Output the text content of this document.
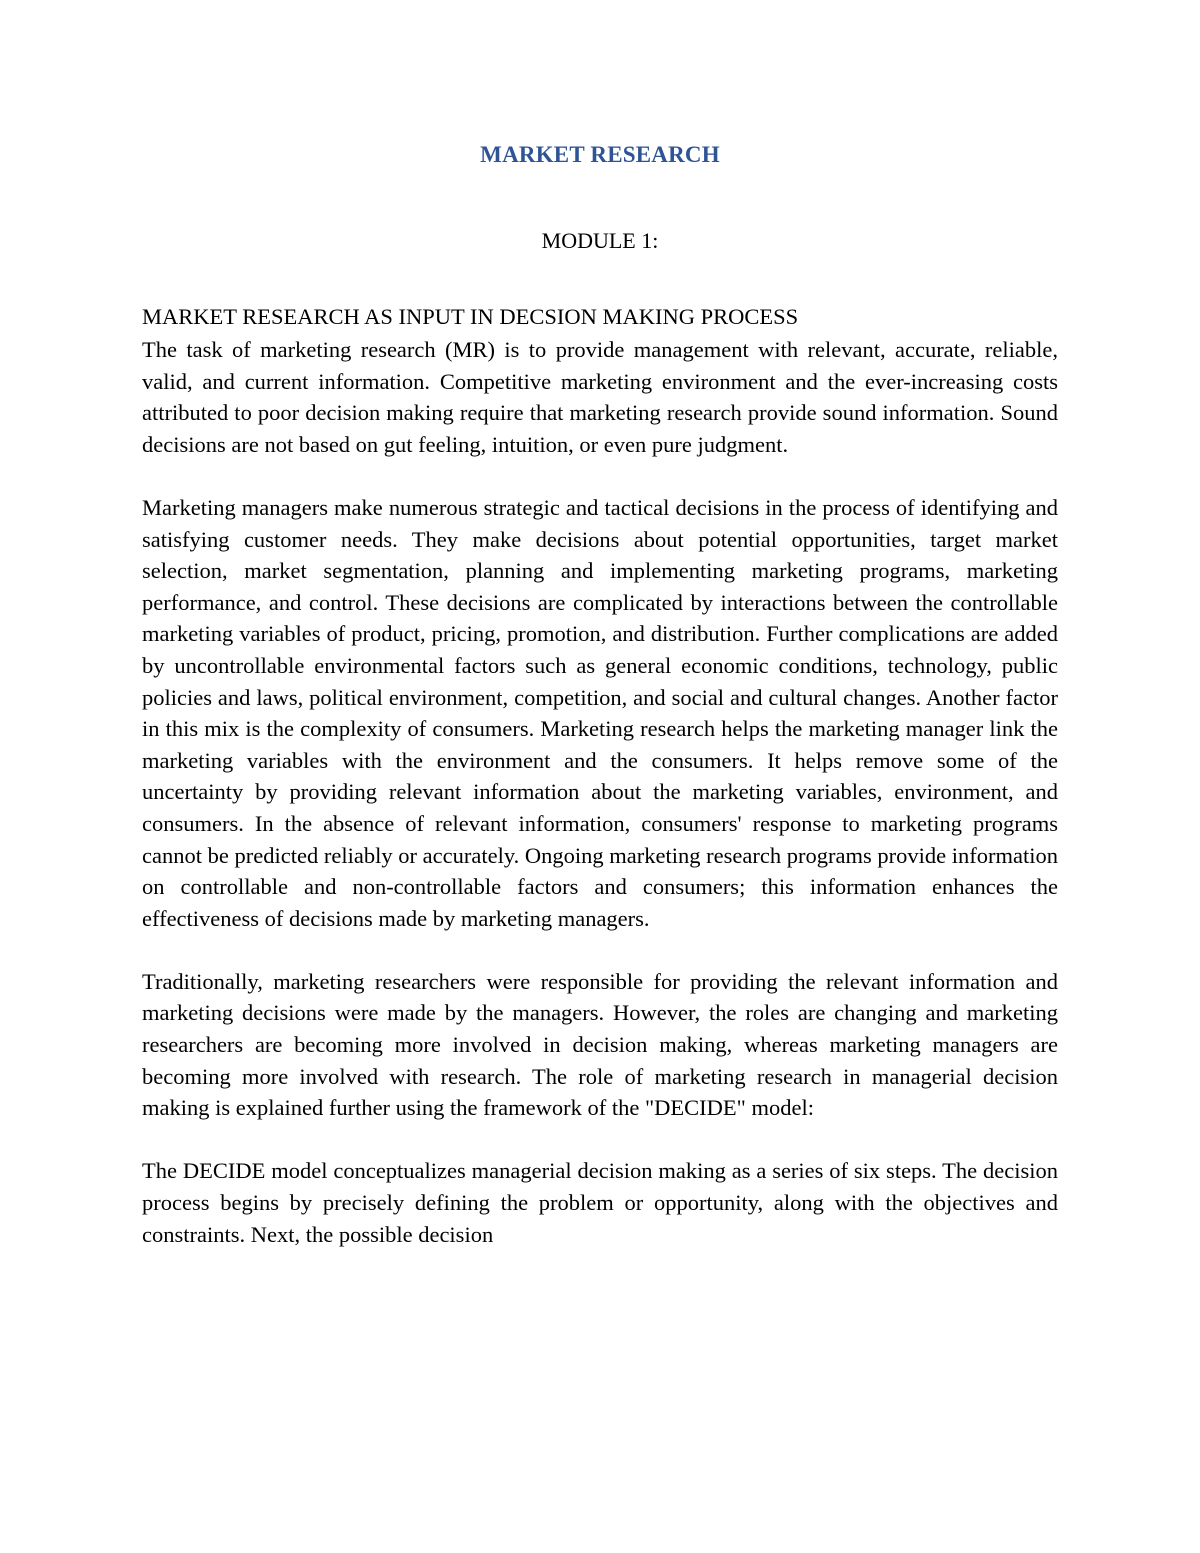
MARKET RESEARCH
MODULE 1:

MARKET RESEARCH AS INPUT IN DECSION MAKING PROCESS

The task of marketing research (MR) is to provide management with relevant, accurate, reliable, valid, and current information. Competitive marketing environment and the ever-increasing costs attributed to poor decision making require that marketing research provide sound information. Sound decisions are not based on gut feeling, intuition, or even pure judgment.

Marketing managers make numerous strategic and tactical decisions in the process of identifying and satisfying customer needs. They make decisions about potential opportunities, target market selection, market segmentation, planning and implementing marketing programs, marketing performance, and control. These decisions are complicated by interactions between the controllable marketing variables of product, pricing, promotion, and distribution. Further complications are added by uncontrollable environmental factors such as general economic conditions, technology, public policies and laws, political environment, competition, and social and cultural changes. Another factor in this mix is the complexity of consumers. Marketing research helps the marketing manager link the marketing variables with the environment and the consumers. It helps remove some of the uncertainty by providing relevant information about the marketing variables, environment, and consumers. In the absence of relevant information, consumers' response to marketing programs cannot be predicted reliably or accurately. Ongoing marketing research programs provide information on controllable and non-controllable factors and consumers; this information enhances the effectiveness of decisions made by marketing managers.

Traditionally, marketing researchers were responsible for providing the relevant information and marketing decisions were made by the managers. However, the roles are changing and marketing researchers are becoming more involved in decision making, whereas marketing managers are becoming more involved with research. The role of marketing research in managerial decision making is explained further using the framework of the "DECIDE" model:

The DECIDE model conceptualizes managerial decision making as a series of six steps. The decision process begins by precisely defining the problem or opportunity, along with the objectives and constraints. Next, the possible decision
